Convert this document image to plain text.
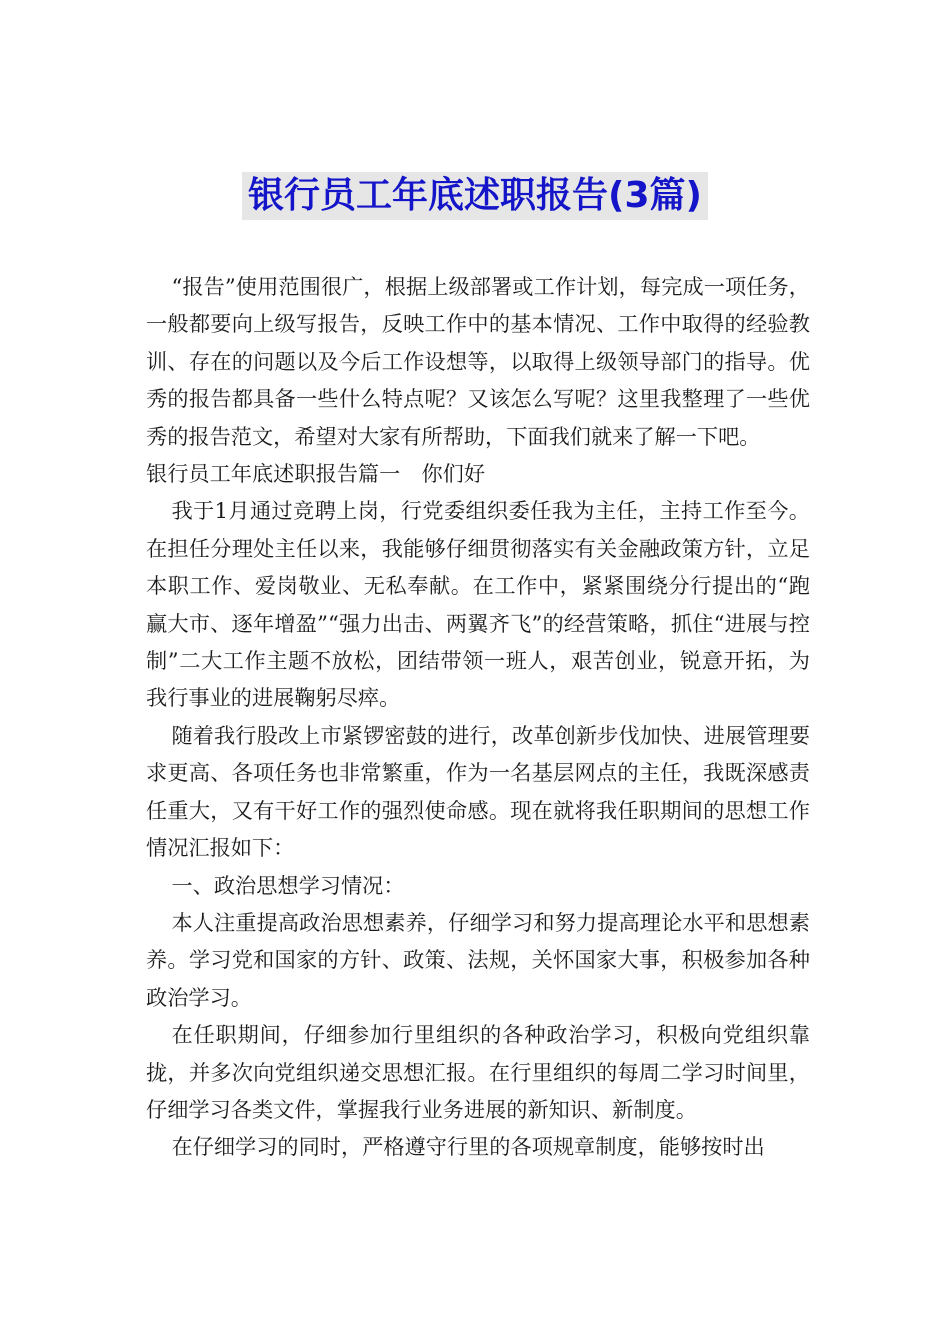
银行员工年底述职报告(3篇)

“报告”使用范围很广，根据上级部署或工作计划，每完成一项任务，一般都要向上级写报告，反映工作中的基本情况、工作中取得的经验教训、存在的问题以及今后工作设想等，以取得上级领导部门的指导。优秀的报告都具备一些什么特点呢？又该怎么写呢？这里我整理了一些优秀的报告范文，希望对大家有所帮助，下面我们就来了解一下吧。

银行员工年底述职报告篇一　你们好

我于1月通过竞聘上岗，行党委组织委任我为主任，主持工作至今。在担任分理处主任以来，我能够仔细贯彻落实有关金融政策方针，立足本职工作、爱岗敬业、无私奉献。在工作中，紧紧围绕分行提出的“跑赢大市、逐年增盈”“强力出击、两翼齐飞”的经营策略，抓住“进展与控制”二大工作主题不放松，团结带领一班人，艰苦创业，锐意开拓，为我行事业的进展鞠躬尽瘁。

随着我行股改上市紧锣密鼓的进行，改革创新步伐加快、进展管理要求更高、各项任务也非常繁重，作为一名基层网点的主任，我既深感责任重大，又有干好工作的强烈使命感。现在就将我任职期间的思想工作情况汇报如下：

一、政治思想学习情况：

本人注重提高政治思想素养，仔细学习和努力提高理论水平和思想素养。学习党和国家的方针、政策、法规，关怀国家大事，积极参加各种政治学习。

在任职期间，仔细参加行里组织的各种政治学习，积极向党组织靠拢，并多次向党组织递交思想汇报。在行里组织的每周二学习时间里，仔细学习各类文件，掌握我行业务进展的新知识、新制度。

在仔细学习的同时，严格遵守行里的各项规章制度，能够按时出
